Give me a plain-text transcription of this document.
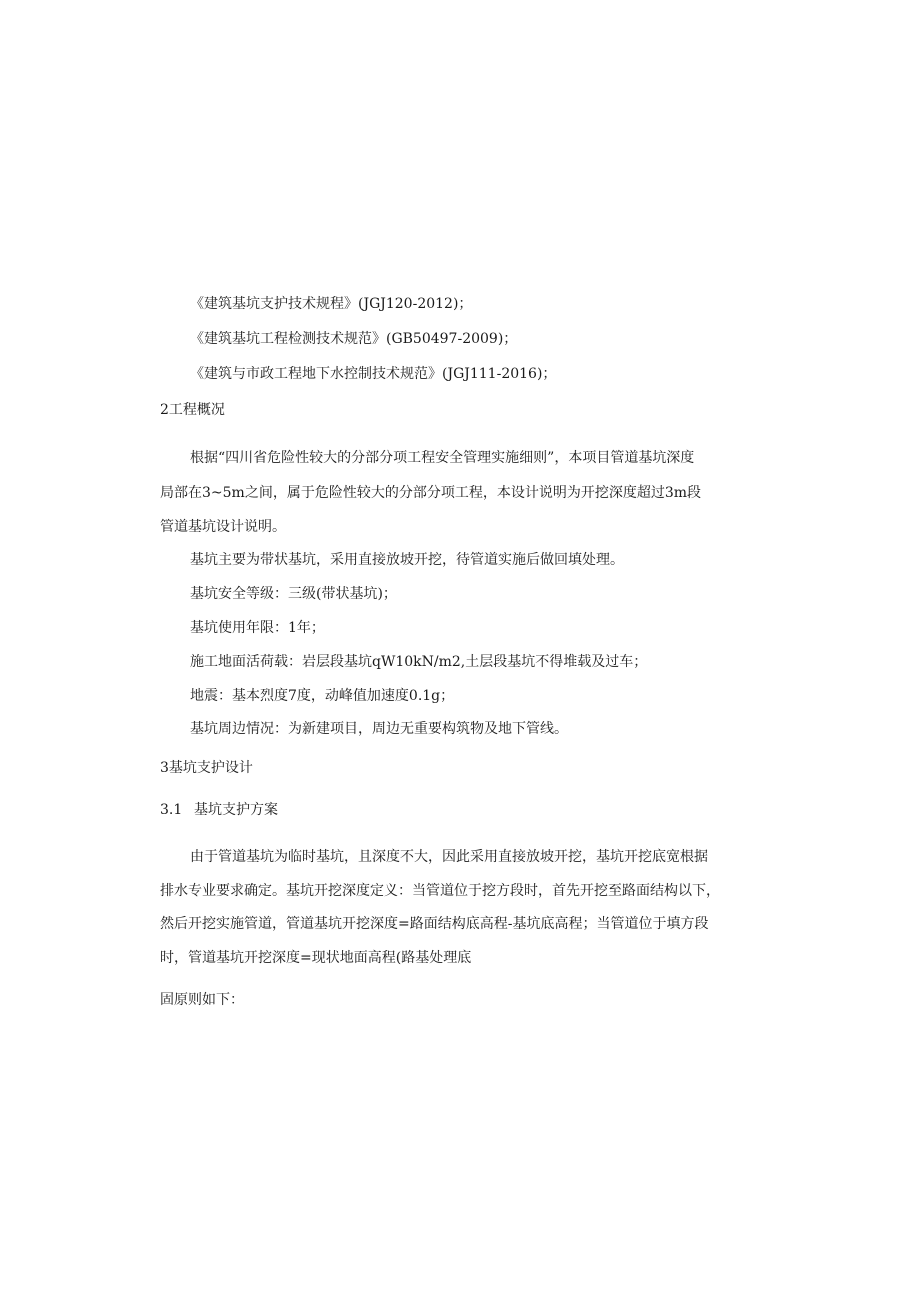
《建筑基坑支护技术规程》(JGJ120-2012)；
《建筑基坑工程检测技术规范》(GB50497-2009)；
《建筑与市政工程地下水控制技术规范》(JGJ111-2016)；
2工程概况
根据“四川省危险性较大的分部分项工程安全管理实施细则”，本项目管道基坑深度
局部在3~5m之间，属于危险性较大的分部分项工程，本设计说明为开挖深度超过3m段
管道基坑设计说明。
基坑主要为带状基坑，采用直接放坡开挖，待管道实施后做回填处理。
基坑安全等级：三级(带状基坑)；
基坑使用年限：1年；
施工地面活荷载：岩层段基坑qW10kN/m2,土层段基坑不得堆载及过车；
地震：基本烈度7度，动峰值加速度0.1g；
基坑周边情况：为新建项目，周边无重要构筑物及地下管线。
3基坑支护设计
3.1 基坑支护方案
由于管道基坑为临时基坑，且深度不大，因此采用直接放坡开挖，基坑开挖底宽根据
排水专业要求确定。基坑开挖深度定义：当管道位于挖方段时，首先开挖至路面结构以下，
然后开挖实施管道，管道基坑开挖深度=路面结构底高程-基坑底高程；当管道位于填方段
时，管道基坑开挖深度=现状地面高程(路基处理底
固原则如下：
